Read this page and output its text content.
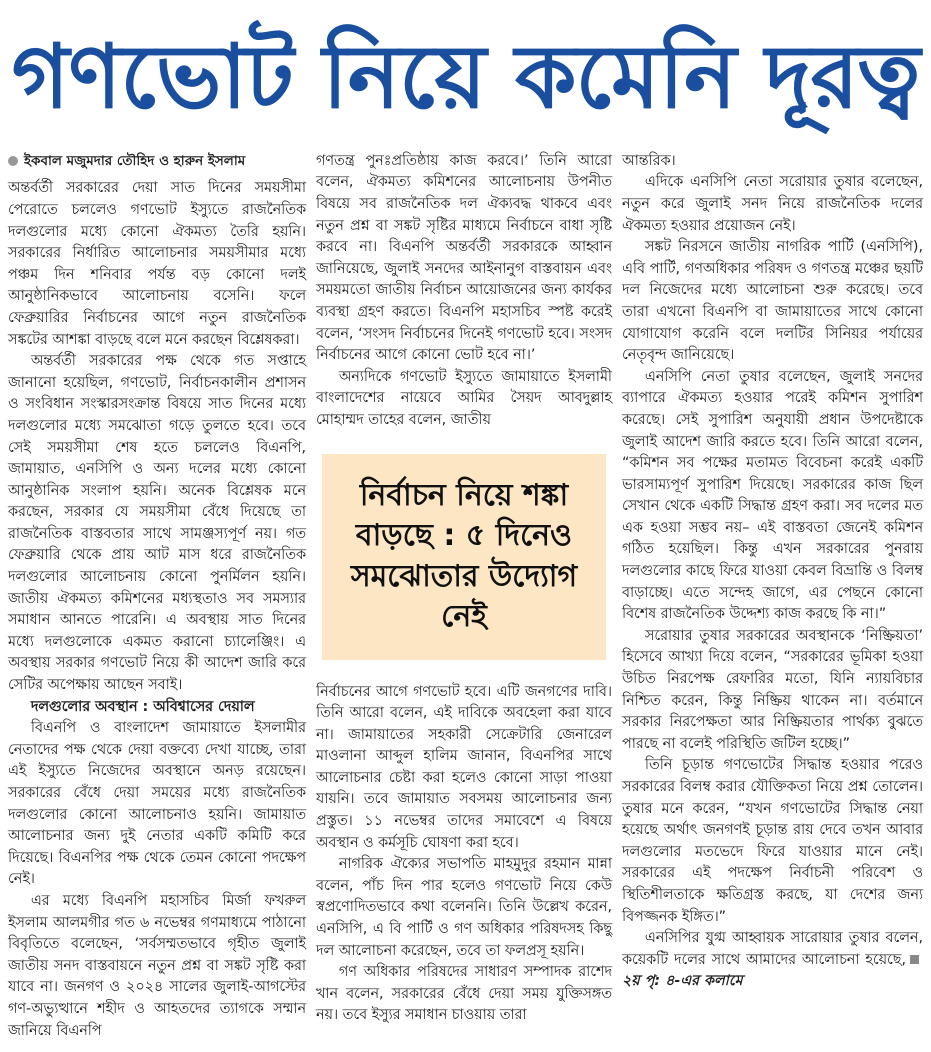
গণভোট নিয়ে কমেনি দূরত্ব

ইকবাল মজুমদার তৌহিদ ও হারুন ইসলাম

অন্তর্বর্তী সরকারের দেয়া সাত দিনের সময়সীমা পেরোতে চললেও গণভোট ইস্যুতে রাজনৈতিক দলগুলোর মধ্যে কোনো ঐকমত্য তৈরি হয়নি। সরকারের নির্ধারিত আলোচনার সময়সীমার মধ্যে পঞ্চম দিন শনিবার পর্যন্ত বড় কোনো দলই আনুষ্ঠানিকভাবে আলোচনায় বসেনি। ফলে ফেব্রুয়ারির নির্বাচনের আগে নতুন রাজনৈতিক সঙ্কটের আশঙ্কা বাড়ছে বলে মনে করছেন বিশ্লেষকরা।

অন্তর্বর্তী সরকারের পক্ষ থেকে গত সপ্তাহে জানানো হয়েছিল, গণভোট, নির্বাচনকালীন প্রশাসন ও সংবিধান সংস্কারসংক্রান্ত বিষয়ে সাত দিনের মধ্যে দলগুলোর মধ্যে সমঝোতা গড়ে তুলতে হবে। তবে সেই সময়সীমা শেষ হতে চললেও বিএনপি, জামায়াত, এনসিপি ও অন্য দলের মধ্যে কোনো আনুষ্ঠানিক সংলাপ হয়নি। অনেক বিশ্লেষক মনে করছেন, সরকার যে সময়সীমা বেঁধে দিয়েছে তা রাজনৈতিক বাস্তবতার সাথে সামঞ্জস্যপূর্ণ নয়। গত ফেব্রুয়ারি থেকে প্রায় আট মাস ধরে রাজনৈতিক দলগুলোর আলোচনায় কোনো পুনর্মিলন হয়নি। জাতীয় ঐকমত্য কমিশনের মধ্যস্থতাও সব সমস্যার সমাধান আনতে পারেনি। এ অবস্থায় সাত দিনের মধ্যে দলগুলোকে একমত করানো চ্যালেঞ্জিং। এ অবস্থায় সরকার গণভোট নিয়ে কী আদেশ জারি করে সেটির অপেক্ষায় আছেন সবাই।

দলগুলোর অবস্থান : অবিশ্বাসের দেয়াল

বিএনপি ও বাংলাদেশ জামায়াতে ইসলামীর নেতাদের পক্ষ থেকে দেয়া বক্তব্যে দেখা যাচ্ছে, তারা এই ইস্যুতে নিজেদের অবস্থানে অনড় রয়েছেন। সরকারের বেঁধে দেয়া সময়ের মধ্যে রাজনৈতিক দলগুলোর কোনো আলোচনাও হয়নি। জামায়াত আলোচনার জন্য দুই নেতার একটি কমিটি করে দিয়েছে। বিএনপির পক্ষ থেকে তেমন কোনো পদক্ষেপ নেই।

এর মধ্যে বিএনপি মহাসচিব মির্জা ফখরুল ইসলাম আলমগীর গত ৬ নভেম্বর গণমাধ্যমে পাঠানো বিবৃতিতে বলেছেন, ‘সর্বসম্মতভাবে গৃহীত জুলাই জাতীয় সনদ বাস্তবায়নে নতুন প্রশ্ন বা সঙ্কট সৃষ্টি করা যাবে না। জনগণ ও ২০২৪ সালের জুলাই-আগস্টের গণ-অভ্যুত্থানে শহীদ ও আহতদের ত্যাগকে সম্মান জানিয়ে বিএনপি

গণতন্ত্র পুনঃপ্রতিষ্ঠায় কাজ করবে।’ তিনি আরো বলেন, ঐকমত্য কমিশনের আলোচনায় উপনীত বিষয়ে সব রাজনৈতিক দল ঐক্যবদ্ধ থাকবে এবং নতুন প্রশ্ন বা সঙ্কট সৃষ্টির মাধ্যমে নির্বাচনে বাধা সৃষ্টি করবে না। বিএনপি অন্তর্বর্তী সরকারকে আহ্বান জানিয়েছে, জুলাই সনদের আইনানুগ বাস্তবায়ন এবং সময়মতো জাতীয় নির্বাচন আয়োজনের জন্য কার্যকর ব্যবস্থা গ্রহণ করতে। বিএনপি মহাসচিব স্পষ্ট করেই বলেন, ‘সংসদ নির্বাচনের দিনেই গণভোট হবে। সংসদ নির্বাচনের আগে কোনো ভোট হবে না।’

অন্যদিকে গণভোট ইস্যুতে জামায়াতে ইসলামী বাংলাদেশের নায়েবে আমির সৈয়দ আবদুল্লাহ মোহাম্মদ তাহের বলেন, জাতীয়

নির্বাচন নিয়ে শঙ্কা বাড়ছে : ৫ দিনেও সমঝোতার উদ্যোগ নেই

নির্বাচনের আগে গণভোট হবে। এটি জনগণের দাবি। তিনি আরো বলেন, এই দাবিকে অবহেলা করা যাবে না। জামায়াতের সহকারী সেক্রেটারি জেনারেল মাওলানা আব্দুল হালিম জানান, বিএনপির সাথে আলোচনার চেষ্টা করা হলেও কোনো সাড়া পাওয়া যায়নি। তবে জামায়াত সবসময় আলোচনার জন্য প্রস্তুত। ১১ নভেম্বর তাদের সমাবেশে এ বিষয়ে অবস্থান ও কর্মসূচি ঘোষণা করা হবে।

নাগরিক ঐক্যের সভাপতি মাহমুদুর রহমান মান্না বলেন, পাঁচ দিন পার হলেও গণভোট নিয়ে কেউ স্বপ্রণোদিতভাবে কথা বলেননি। তিনি উল্লেখ করেন, এনসিপি, এ বি পার্টি ও গণ অধিকার পরিষদসহ কিছু দল আলোচনা করেছেন, তবে তা ফলপ্রসূ হয়নি।

গণ অধিকার পরিষদের সাধারণ সম্পাদক রাশেদ খান বলেন, সরকারের বেঁধে দেয়া সময় যুক্তিসঙ্গত নয়। তবে ইস্যুর সমাধান চাওয়ায় তারা

আন্তরিক।

এদিকে এনসিপি নেতা সরোয়ার তুষার বলেছেন, নতুন করে জুলাই সনদ নিয়ে রাজনৈতিক দলের ঐকমত্য হওয়ার প্রয়োজন নেই।

সঙ্কট নিরসনে জাতীয় নাগরিক পার্টি (এনসিপি), এবি পার্টি, গণঅধিকার পরিষদ ও গণতন্ত্র মঞ্চের ছয়টি দল নিজেদের মধ্যে আলোচনা শুরু করেছে। তবে তারা এখনো বিএনপি বা জামায়াতের সাথে কোনো যোগাযোগ করেনি বলে দলটির সিনিয়র পর্যায়ের নেতৃবৃন্দ জানিয়েছে।

এনসিপি নেতা তুষার বলেছেন, জুলাই সনদের ব্যাপারে ঐকমত্য হওয়ার পরেই কমিশন সুপারিশ করেছে। সেই সুপারিশ অনুযায়ী প্রধান উপদেষ্টাকে জুলাই আদেশ জারি করতে হবে। তিনি আরো বলেন, “কমিশন সব পক্ষের মতামত বিবেচনা করেই একটি ভারসাম্যপূর্ণ সুপারিশ দিয়েছে। সরকারের কাজ ছিল সেখান থেকে একটি সিদ্ধান্ত গ্রহণ করা। সব দলের মত এক হওয়া সম্ভব নয়– এই বাস্তবতা জেনেই কমিশন গঠিত হয়েছিল। কিন্তু এখন সরকারের পুনরায় দলগুলোর কাছে ফিরে যাওয়া কেবল বিভ্রান্তি ও বিলম্ব বাড়াচ্ছে। এতে সন্দেহ জাগে, এর পেছনে কোনো বিশেষ রাজনৈতিক উদ্দেশ্য কাজ করছে কি না।”

সরোয়ার তুষার সরকারের অবস্থানকে ‘নিষ্ক্রিয়তা’ হিসেবে আখ্যা দিয়ে বলেন, “সরকারের ভূমিকা হওয়া উচিত নিরপেক্ষ রেফারির মতো, যিনি ন্যায়বিচার নিশ্চিত করেন, কিন্তু নিষ্ক্রিয় থাকেন না। বর্তমানে সরকার নিরপেক্ষতা আর নিষ্ক্রিয়তার পার্থক্য বুঝতে পারছে না বলেই পরিস্থিতি জটিল হচ্ছে।”

তিনি চূড়ান্ত গণভোটের সিদ্ধান্ত হওয়ার পরেও সরকারের বিলম্ব করার যৌক্তিকতা নিয়ে প্রশ্ন তোলেন। তুষার মনে করেন, “যখন গণভোটের সিদ্ধান্ত নেয়া হয়েছে অর্থাৎ জনগণই চূড়ান্ত রায় দেবে তখন আবার দলগুলোর মতভেদে ফিরে যাওয়ার মানে নেই। সরকারের এই পদক্ষেপ নির্বাচনী পরিবেশ ও স্থিতিশীলতাকে ক্ষতিগ্রস্ত করছে, যা দেশের জন্য বিপজ্জনক ইঙ্গিত।”

এনসিপির যুগ্ম আহ্বায়ক সারোয়ার তুষার বলেন, কয়েকটি দলের সাথে আমাদের আলোচনা হয়েছে,২য় পৃ: ৪-এর কলামে
